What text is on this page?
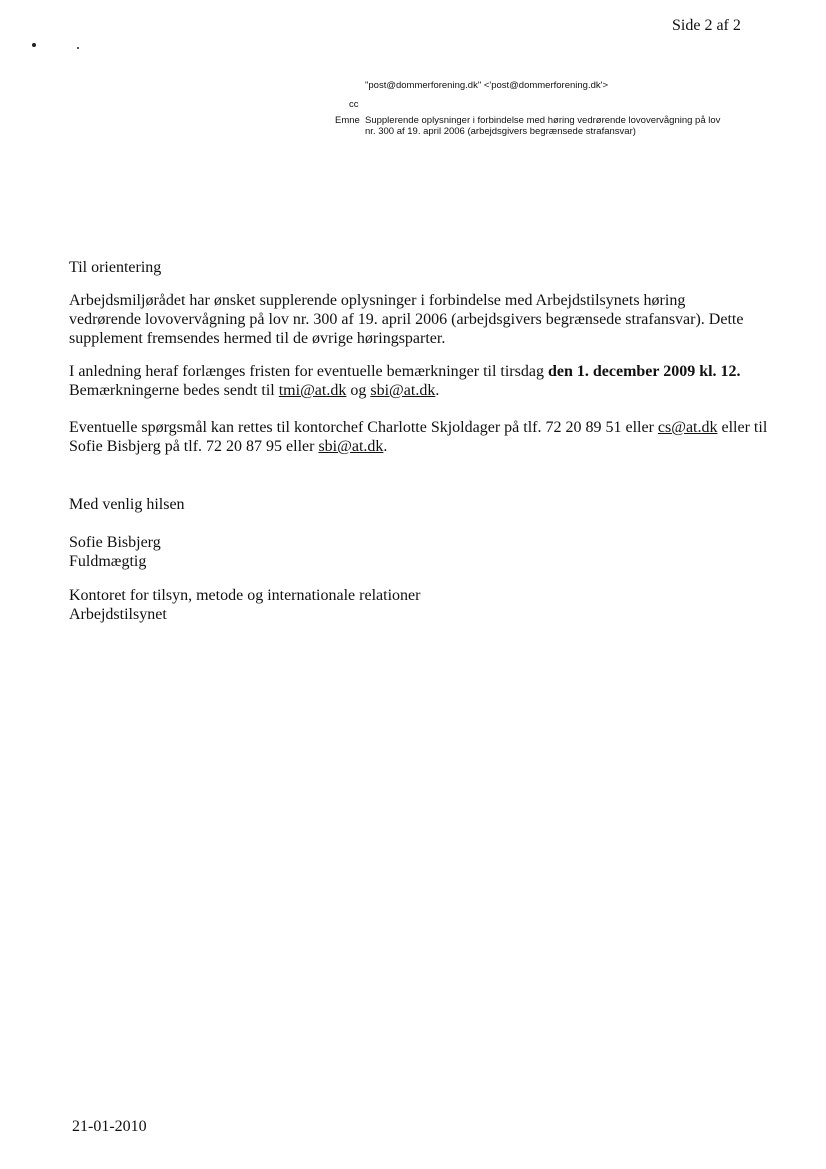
Side 2 af 2
"post@dommerforening.dk" <'post@dommerforening.dk'>
cc
Emne Supplerende oplysninger i forbindelse med høring vedrørende lovovervågning på lov nr. 300 af 19. april 2006 (arbejdsgivers begrænsede strafansvar)

Til orientering

Arbejdsmiljørådet har ønsket supplerende oplysninger i forbindelse med Arbejdstilsynets høring vedrørende lovovervågning på lov nr. 300 af 19. april 2006 (arbejdsgivers begrænsede strafansvar). Dette supplement fremsendes hermed til de øvrige høringsparter.

I anledning heraf forlænges fristen for eventuelle bemærkninger til tirsdag den 1. december 2009 kl. 12. Bemærkningerne bedes sendt til tmi@at.dk og sbi@at.dk.

Eventuelle spørgsmål kan rettes til kontorchef Charlotte Skjoldager på tlf. 72 20 89 51 eller cs@at.dk eller til Sofie Bisbjerg på tlf. 72 20 87 95 eller sbi@at.dk.

Med venlig hilsen

Sofie Bisbjerg

Fuldmægtig

Kontoret for tilsyn, metode og internationale relationer

Arbejdstilsynet

21-01-2010
